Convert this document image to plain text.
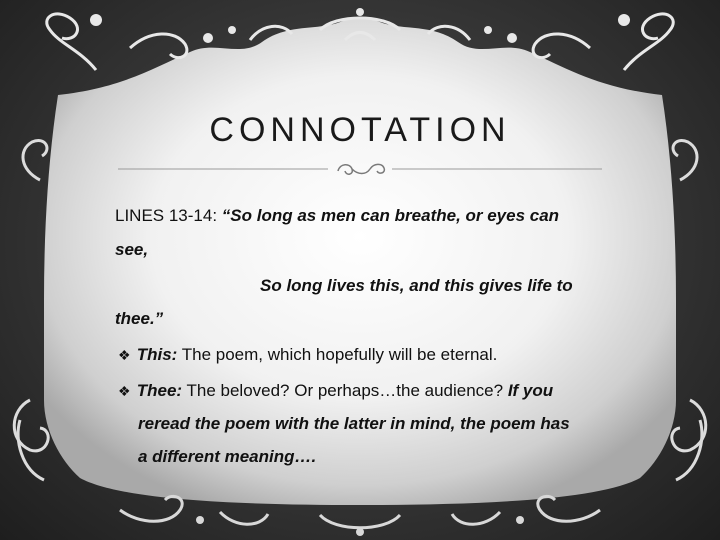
CONNOTATION
LINES 13-14: “So long as men can breathe, or eyes can
see,
So long lives this, and this gives life to
thee.”
❖ This: The poem, which hopefully will be eternal.
❖ Thee: The beloved? Or perhaps…the audience? If you
reread the poem with the latter in mind, the poem has
a different meaning….
